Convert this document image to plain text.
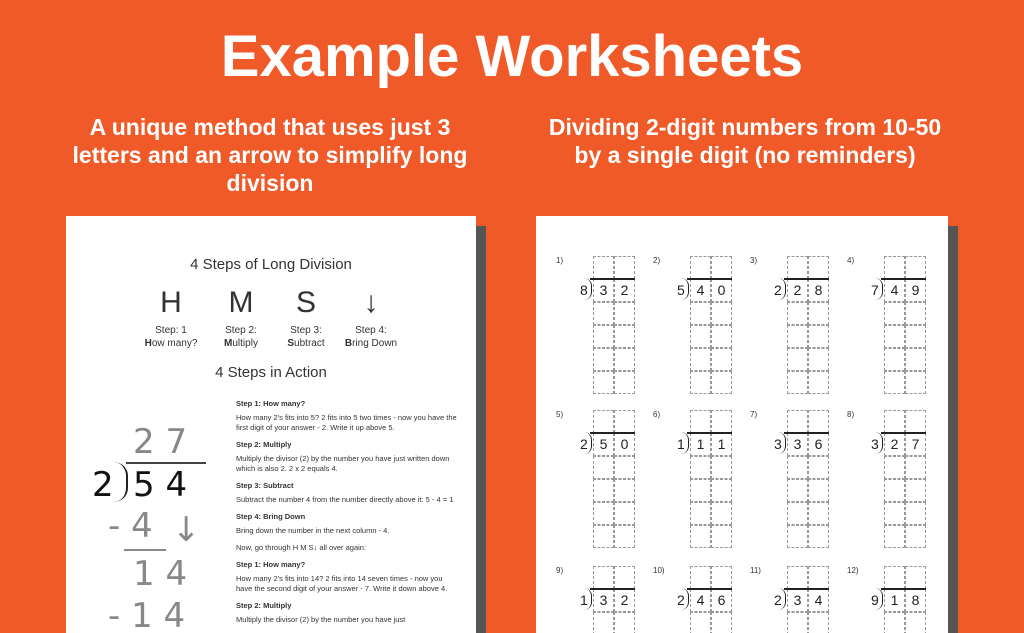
Example Worksheets
A unique method that uses just 3 letters and an arrow to simplify long division
Dividing 2-digit numbers from 10-50 by a single digit (no reminders)
4 Steps of Long Division
H
Step: 1
How many?
M
Step 2:
Multiply
S
Step 3:
Subtract
↓
Step 4:
Bring Down
4 Steps in Action
2 7
2 5 4
- 4 ↓
1 4
- 1 4
Step 1: How many?
How many 2's fits into 5? 2 fits into 5 two times - now you have the first digit of your answer - 2. Write it up above 5.
Step 2: Multiply
Multiply the divisor (2) by the number you have just written down which is also 2. 2 x 2 equals 4.
Step 3: Subtract
Subtract the number 4 from the number directly above it: 5 - 4 = 1
Step 4: Bring Down
Bring down the number in the next column - 4.
Now, go through H M S↓ all over again:
Step 1: How many?
How many 2's fits into 14? 2 fits into 14 seven times - now you have the second digit of your answer - 7. Write it down above 4.
Step 2: Multiply
Multiply the divisor (2) by the number you have just
1)
8 3 2
2)
5 4 0
3)
2 2 8
4)
7 4 9
5)
2 5 0
6)
1 1 1
7)
3 3 6
8)
3 2 7
9)
1 3 2
10)
2 4 6
11)
2 3 4
12)
9 1 8
